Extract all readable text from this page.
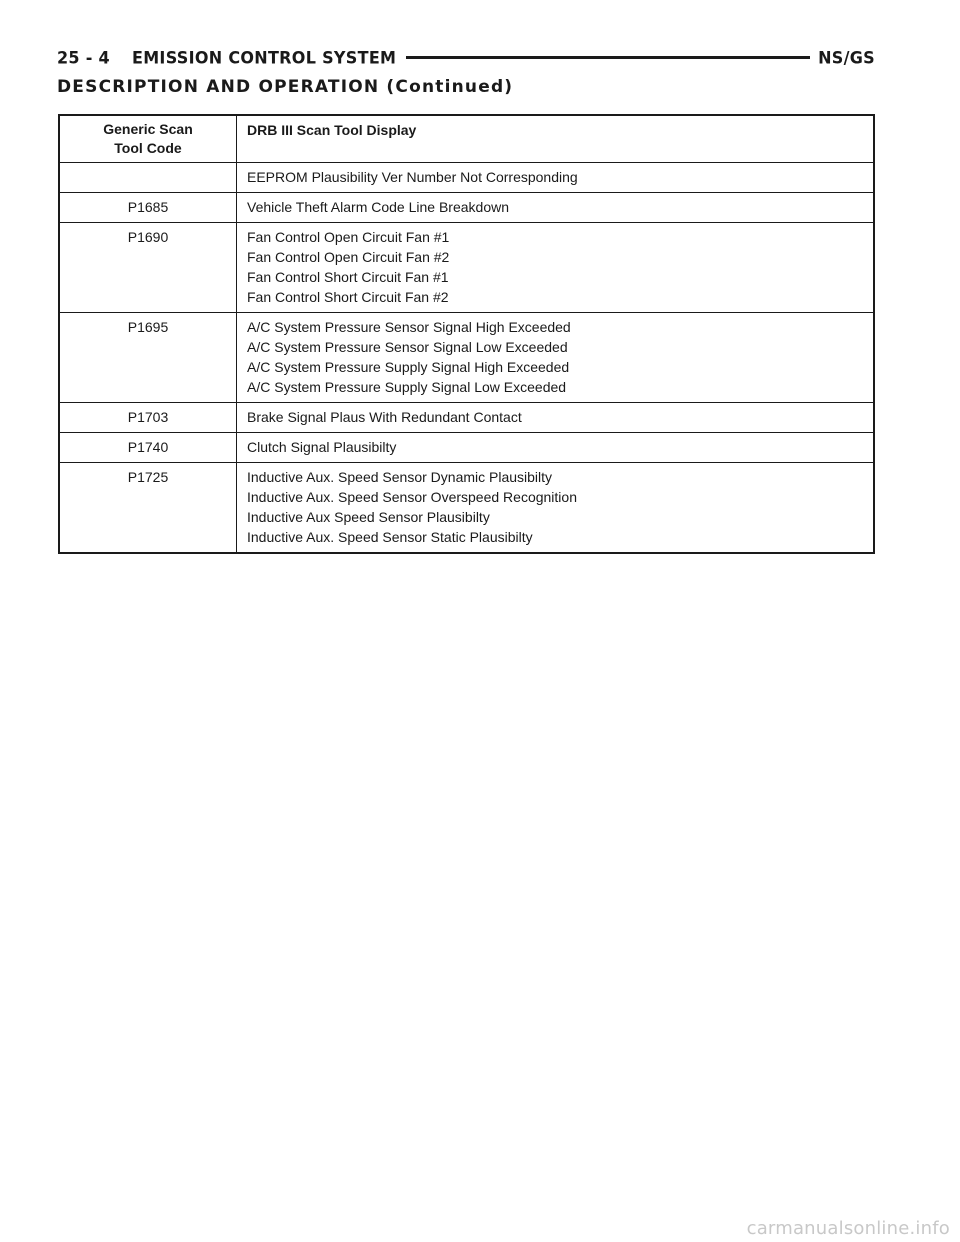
25 - 4 EMISSION CONTROL SYSTEM	NS/GS
DESCRIPTION AND OPERATION (Continued)
Generic Scan
Tool Code	DRB III Scan Tool Display

	EEPROM Plausibility Ver Number Not Corresponding

P1685	Vehicle Theft Alarm Code Line Breakdown

P1690	Fan Control Open Circuit Fan #1
Fan Control Open Circuit Fan #2
Fan Control Short Circuit Fan #1
Fan Control Short Circuit Fan #2

P1695	A/C System Pressure Sensor Signal High Exceeded
A/C System Pressure Sensor Signal Low Exceeded
A/C System Pressure Supply Signal High Exceeded
A/C System Pressure Supply Signal Low Exceeded

P1703	Brake Signal Plaus With Redundant Contact

P1740	Clutch Signal Plausibilty

P1725	Inductive Aux. Speed Sensor Dynamic Plausibilty
Inductive Aux. Speed Sensor Overspeed Recognition
Inductive Aux Speed Sensor Plausibilty
Inductive Aux. Speed Sensor Static Plausibilty
carmanualsonline.info
